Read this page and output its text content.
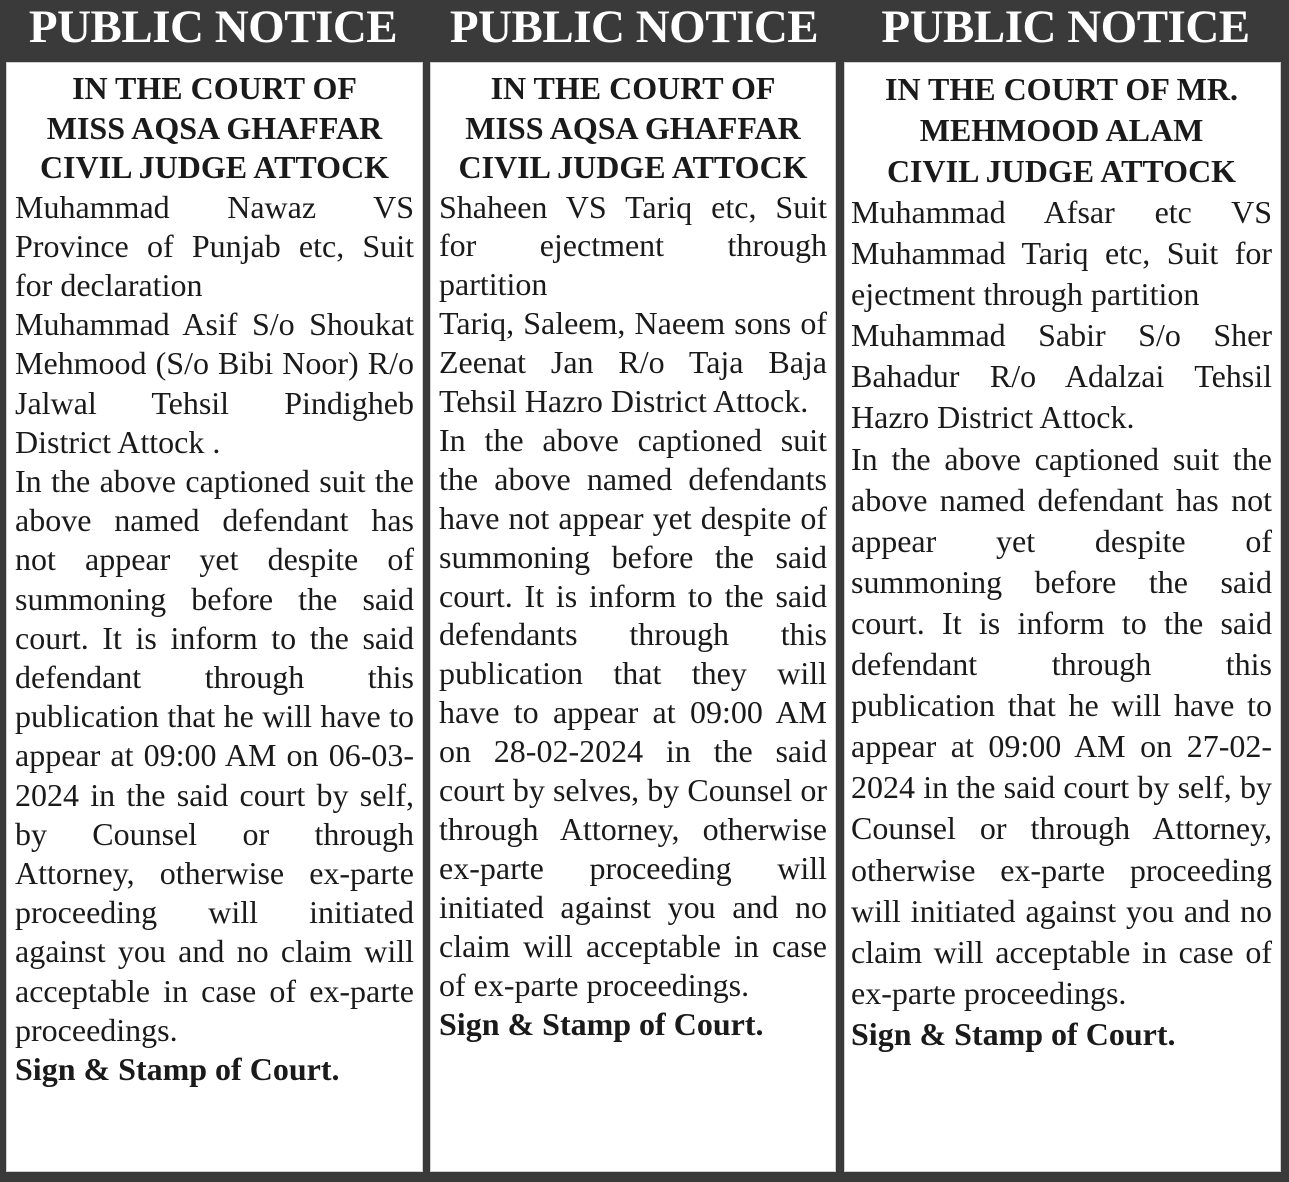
PUBLIC NOTICE

IN THE COURT OF

MISS AQSA GHAFFAR

CIVIL JUDGE ATTOCK

Muhammad Nawaz VS Province of Punjab etc, Suit for declaration

Muhammad Asif S/o Shoukat Mehmood (S/o Bibi Noor) R/o Jalwal Tehsil Pindigheb District Attock .

In the above captioned suit the above named defendant has not appear yet despite of summoning before the said court. It is inform to the said defendant through this publication that he will have to appear at 09:00 AM on 06-03-2024 in the said court by self, by Counsel or through Attorney, otherwise ex-parte proceeding will initiated against you and no claim will acceptable in case of ex-parte proceedings.

Sign & Stamp of Court.

PUBLIC NOTICE

IN THE COURT OF

MISS AQSA GHAFFAR

CIVIL JUDGE ATTOCK

Shaheen VS Tariq etc, Suit for ejectment through partition

Tariq, Saleem, Naeem sons of Zeenat Jan R/o Taja Baja Tehsil Hazro District Attock.

In the above captioned suit the above named defendants have not appear yet despite of summoning before the said court. It is inform to the said defendants through this publication that they will have to appear at 09:00 AM on 28-02-2024 in the said court by selves, by Counsel or through Attorney, otherwise ex-parte proceeding will initiated against you and no claim will acceptable in case of ex-parte proceedings.

Sign & Stamp of Court.

PUBLIC NOTICE

IN THE COURT OF MR.

MEHMOOD ALAM

CIVIL JUDGE ATTOCK

Muhammad Afsar etc VS Muhammad Tariq etc, Suit for ejectment through partition

Muhammad Sabir S/o Sher Bahadur R/o Adalzai Tehsil Hazro District Attock.

In the above captioned suit the above named defendant has not appear yet despite of summoning before the said court. It is inform to the said defendant through this publication that he will have to appear at 09:00 AM on 27-02-2024 in the said court by self, by Counsel or through Attorney, otherwise ex-parte proceeding will initiated against you and no claim will acceptable in case of ex-parte proceedings.

Sign & Stamp of Court.
